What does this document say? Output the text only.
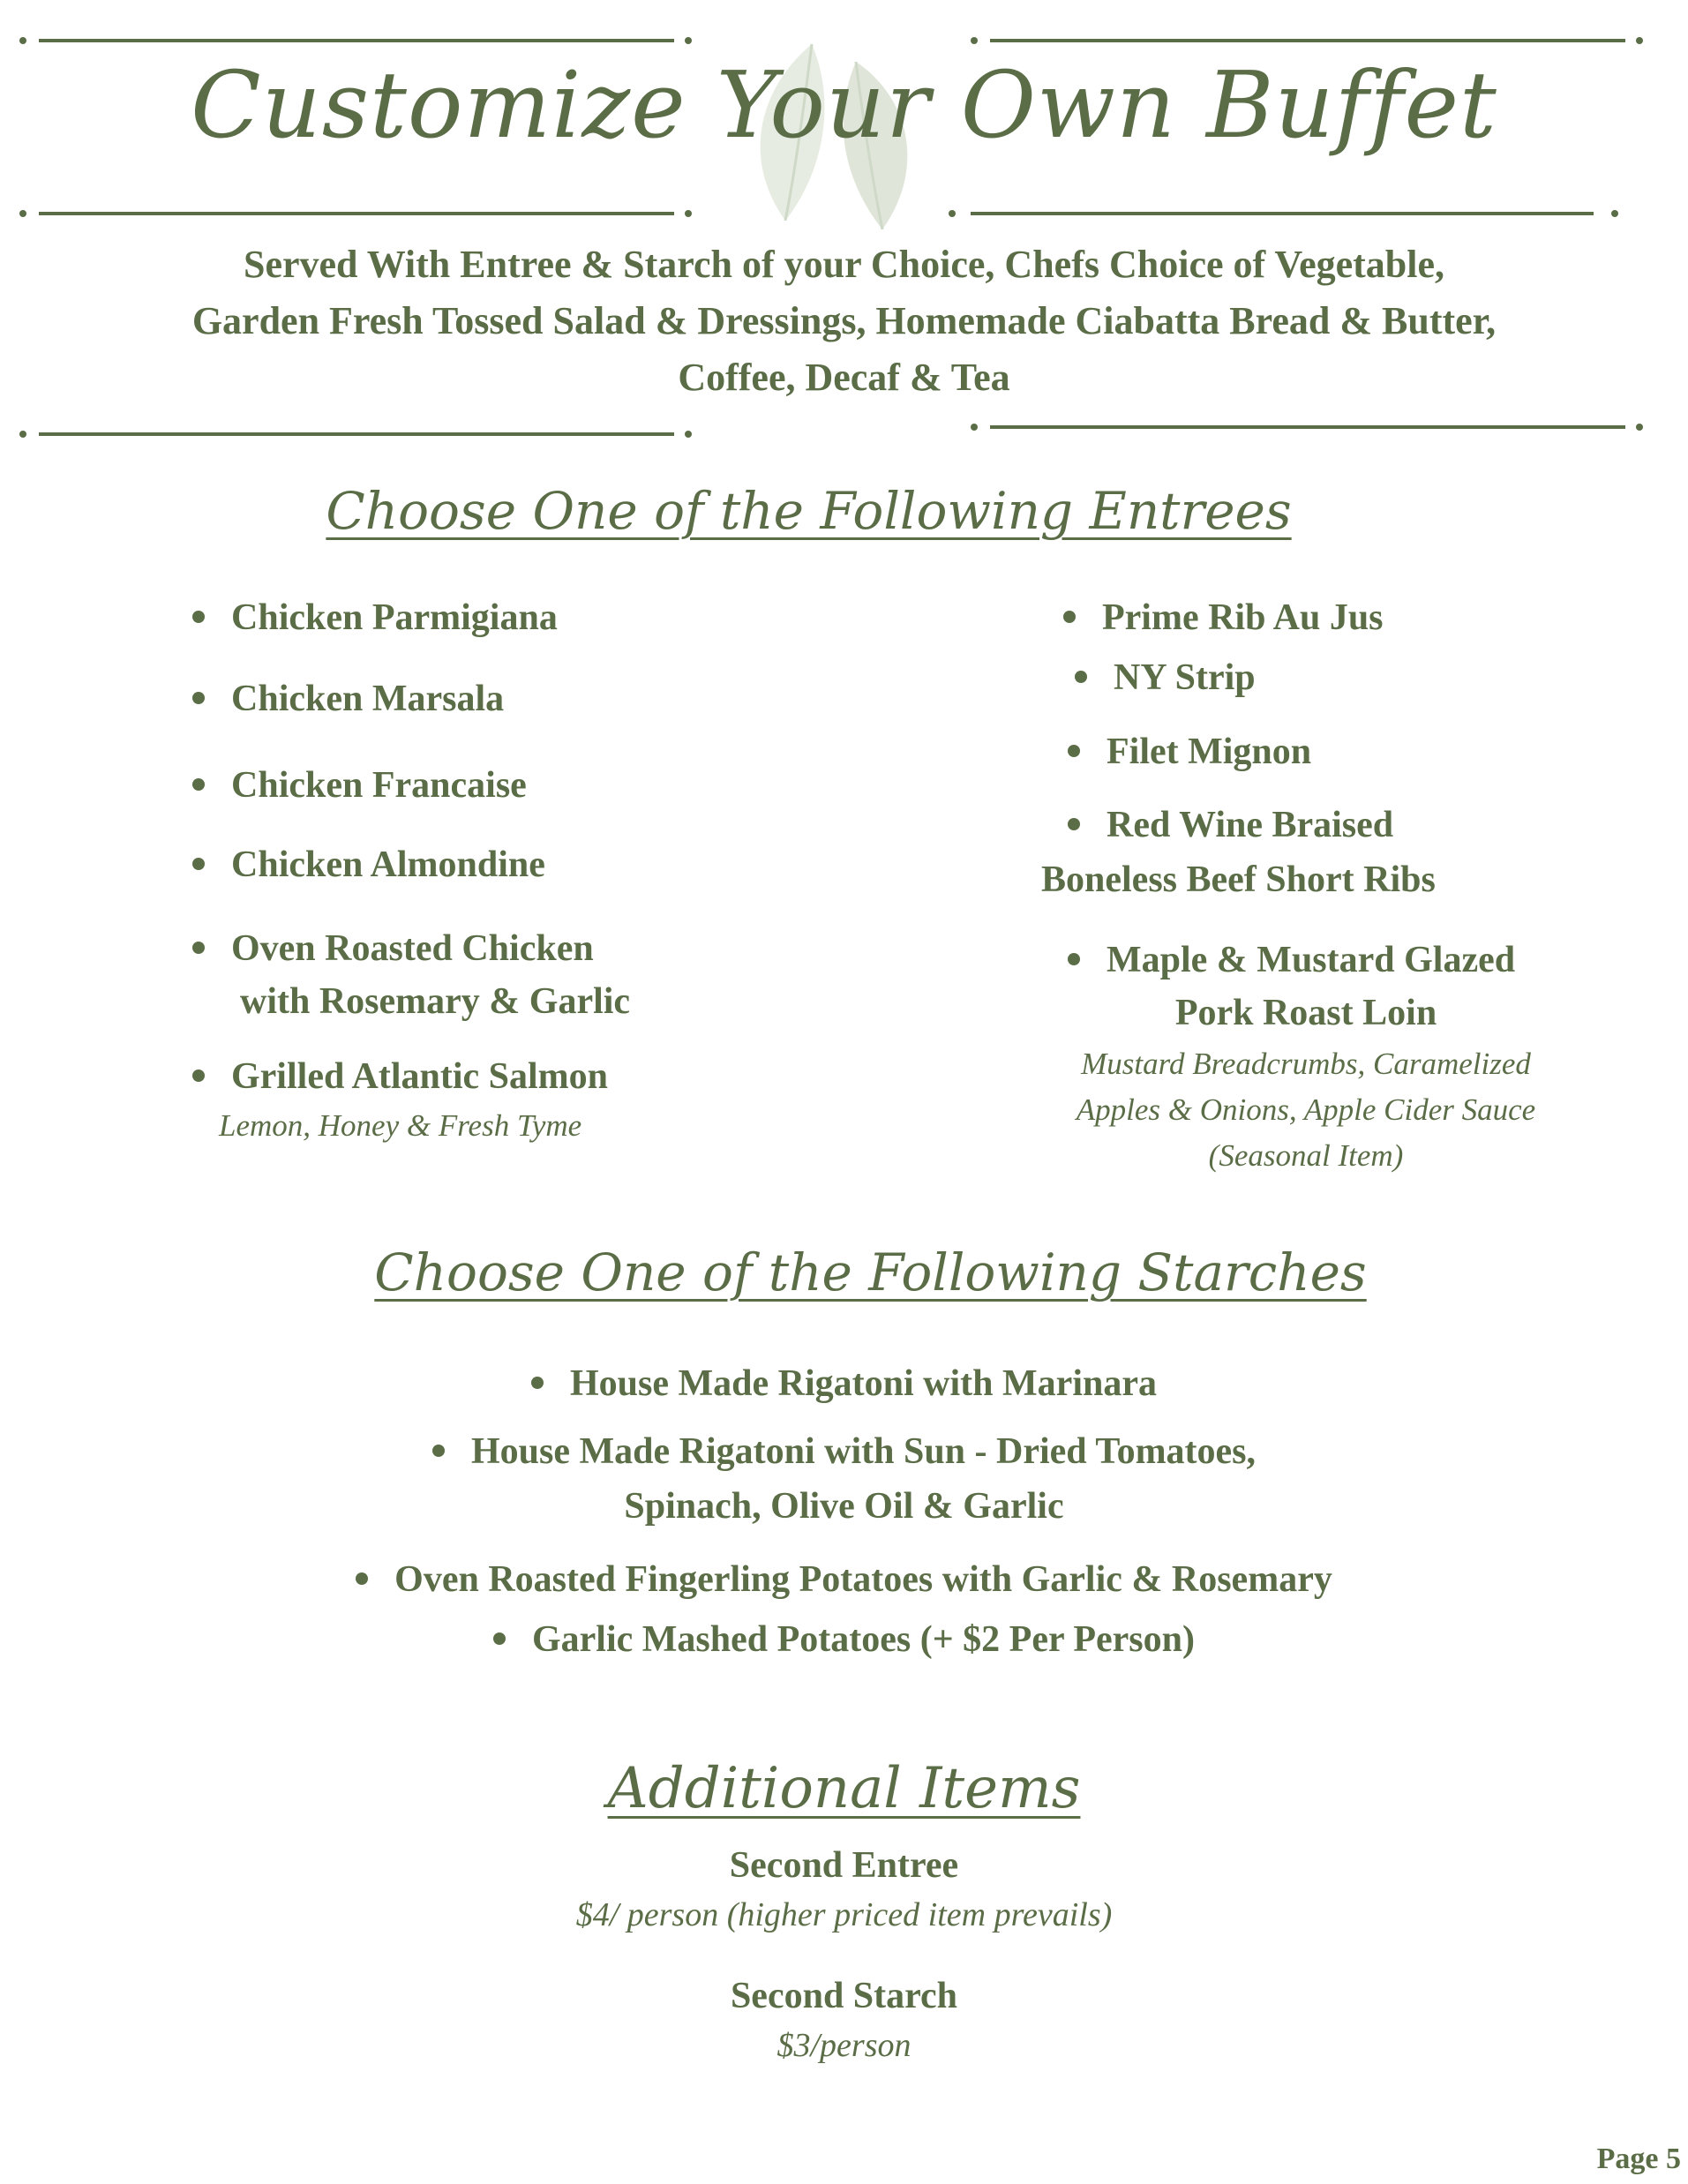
Customize Your Own Buffet
Served With Entree & Starch of your Choice, Chefs Choice of Vegetable,
Garden Fresh Tossed Salad & Dressings, Homemade Ciabatta Bread & Butter,
Coffee, Decaf & Tea
Choose One of the Following Entrees
Chicken Parmigiana
Chicken Marsala
Chicken Francaise
Chicken Almondine
Oven Roasted Chicken
with Rosemary & Garlic
Grilled Atlantic Salmon
Lemon, Honey & Fresh Tyme
Prime Rib Au Jus
NY Strip
Filet Mignon
Red Wine Braised
Boneless Beef Short Ribs
Maple & Mustard Glazed
Pork Roast Loin
Mustard Breadcrumbs, Caramelized
Apples & Onions, Apple Cider Sauce
(Seasonal Item)
Choose One of the Following Starches
House Made Rigatoni with Marinara
House Made Rigatoni with Sun - Dried Tomatoes,
Spinach, Olive Oil & Garlic
Oven Roasted Fingerling Potatoes with Garlic & Rosemary
Garlic Mashed Potatoes (+ $2 Per Person)
Additional Items
Second Entree
$4/ person (higher priced item prevails)
Second Starch
$3/person
Page 5
